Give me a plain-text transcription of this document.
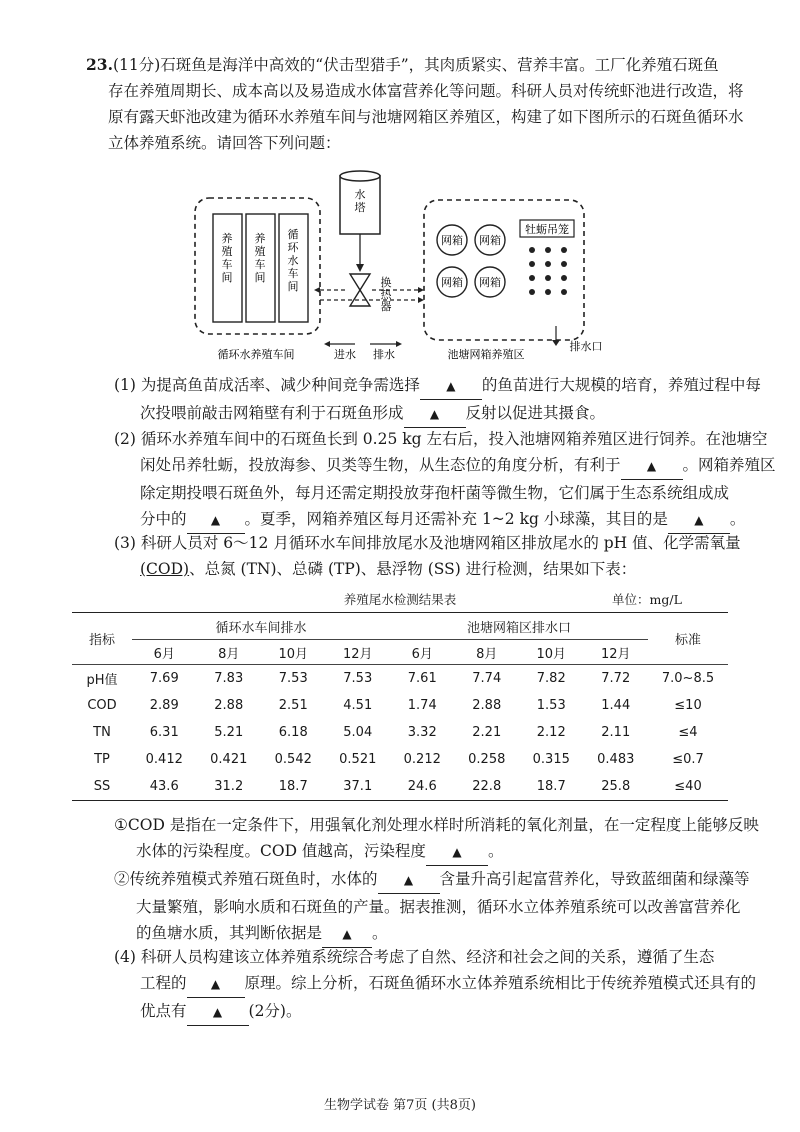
23.(11分)石斑鱼是海洋中高效的“伏击型猎手”，其肉质紧实、营养丰富。工厂化养殖石斑鱼
存在养殖周期长、成本高以及易造成水体富营养化等问题。科研人员对传统虾池进行改造，将
原有露天虾池改建为循环水养殖车间与池塘网箱区养殖区，构建了如下图所示的石斑鱼循环水
立体养殖系统。请回答下列问题：
养殖车间
养殖车间
循环水车间
水塔
换热器
网箱 网箱
网箱 网箱
牡蛎吊笼
循环水养殖车间	进水 排水	池塘网箱养殖区
排水口
(1) 为提高鱼苗成活率、减少种间竞争需选择 ▲ 的鱼苗进行大规模的培育，养殖过程中每
次投喂前敲击网箱壁有利于石斑鱼形成 ▲ 反射以促进其摄食。
(2) 循环水养殖车间中的石斑鱼长到 0.25 kg 左右后，投入池塘网箱养殖区进行饲养。在池塘空
闲处吊养牡蛎，投放海参、贝类等生物，从生态位的角度分析，有利于 ▲ 。网箱养殖区
除定期投喂石斑鱼外，每月还需定期投放芽孢杆菌等微生物，它们属于生态系统组成成
分中的 ▲ 。夏季，网箱养殖区每月还需补充 1~2 kg 小球藻，其目的是 ▲ 。
(3) 科研人员对 6～12 月循环水车间排放尾水及池塘网箱区排放尾水的 pH 值、化学需氧量
(COD)、总氮 (TN)、总磷 (TP)、悬浮物 (SS) 进行检测，结果如下表：
养殖尾水检测结果表	单位：mg/L
指标	循环水车间排水				池塘网箱区排水口				标准
	6月	8月	10月	12月	6月	8月	10月	12月	
pH值	7.69	7.83	7.53	7.53	7.61	7.74	7.82	7.72	7.0~8.5
COD	2.89	2.88	2.51	4.51	1.74	2.88	1.53	1.44	≤10
TN	6.31	5.21	6.18	5.04	3.32	2.21	2.12	2.11	≤4
TP	0.412	0.421	0.542	0.521	0.212	0.258	0.315	0.483	≤0.7
SS	43.6	31.2	18.7	37.1	24.6	22.8	18.7	25.8	≤40
①COD 是指在一定条件下，用强氧化剂处理水样时所消耗的氧化剂量，在一定程度上能够反映
水体的污染程度。COD 值越高，污染程度 ▲ 。
②传统养殖模式养殖石斑鱼时，水体的 ▲ 含量升高引起富营养化，导致蓝细菌和绿藻等
大量繁殖，影响水质和石斑鱼的产量。据表推测，循环水立体养殖系统可以改善富营养化
的鱼塘水质，其判断依据是 ▲ 。
(4) 科研人员构建该立体养殖系统综合考虑了自然、经济和社会之间的关系，遵循了生态
工程的 ▲ 原理。综上分析，石斑鱼循环水立体养殖系统相比于传统养殖模式还具有的
优点有 ▲ (2分)。
生物学试卷 第7页 (共8页)
